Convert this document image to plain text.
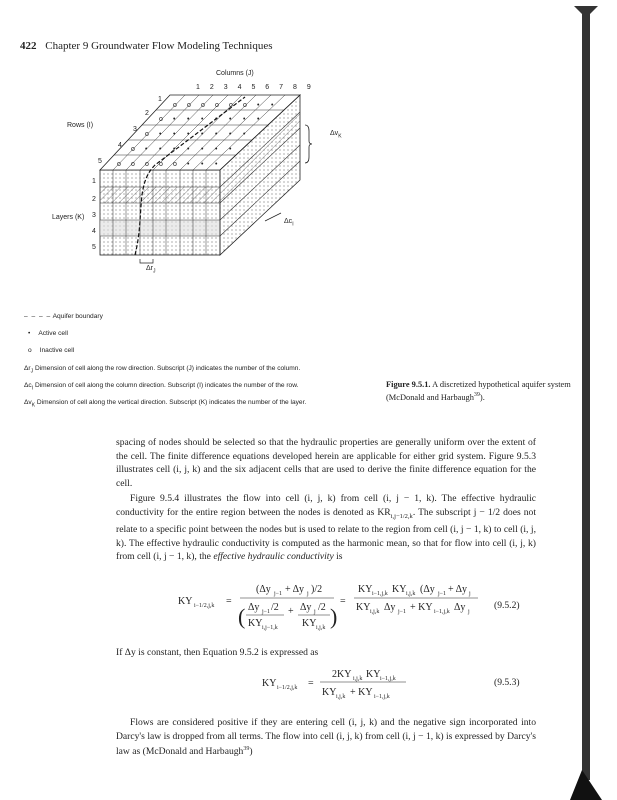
422 Chapter 9 Groundwater Flow Modeling Techniques
Columns (J)
1 2 3 4 5 6 7 8 9
Rows (I)
Layers (K)
1
2
3
4
5
1
2
3
4
5
o o o o o o • •
o • • • • • • •
o • • • • • • •
o • • • • • • •
o o o o o • • •
$\Delta v_K$
$\Delta c_I$
$\Delta r_J$
– – – – Aquifer boundary
• Active cell
o Inactive cell
$\Delta r_J$ Dimension of cell along the row direction. Subscript (J) indicates the number of the column.
$\Delta c_I$ Dimension of cell along the column direction. Subscript (I) indicates the number of the row.
$\Delta v_K$ Dimension of cell along the vertical direction. Subscript (K) indicates the number of the layer.
Figure 9.5.1. A discretized hypothetical aquifer system (McDonald and Harbaugh$^{39}$).

spacing of nodes should be selected so that the hydraulic properties are generally uniform over the extent of the cell. The finite difference equations developed herein are applicable for either grid system. Figure 9.5.3 illustrates cell (i, j, k) and the six adjacent cells that are used to derive the finite difference equation for the cell.

Figure 9.5.4 illustrates the flow into cell (i, j, k) from cell (i, j − 1, k). The effective hydraulic conductivity for the entire region between the nodes is denoted as $KR_{i,j-1/2,k}$. The subscript j − 1/2 does not relate to a specific point between the nodes but is used to relate to the region from cell (i, j − 1, k) to cell (i, j, k). The effective hydraulic conductivity is computed as the harmonic mean, so that for flow into cell (i, j, k) from cell (i, j − 1, k), the effective hydraulic conductivity is

KY i−1/2,j,k =
(Δy j−1 + Δy j )/2
Δy j−1 /2 + Δy j /2
KY i,j−1,k KY i,j,k
(	)
=
KY i−1,j,k KY i,j,k (Δy j−1 + Δy j
KY i,j,k Δy j−1 + KY i−1,j,k Δy j
(9.5.2)

If Δy is constant, then Equation 9.5.2 is expressed as

KY i−1/2,j,k =
2KY i,j,k KY i−1,j,k
KY i,j,k + KY i−1,j,k
(9.5.3)

Flows are considered positive if they are entering cell (i, j, k) and the negative sign incorporated into Darcy's law is dropped from all terms. The flow into cell (i, j, k) from cell (i, j − 1, k) is expressed by Darcy's law as (McDonald and Harbaugh$^{39}$)
